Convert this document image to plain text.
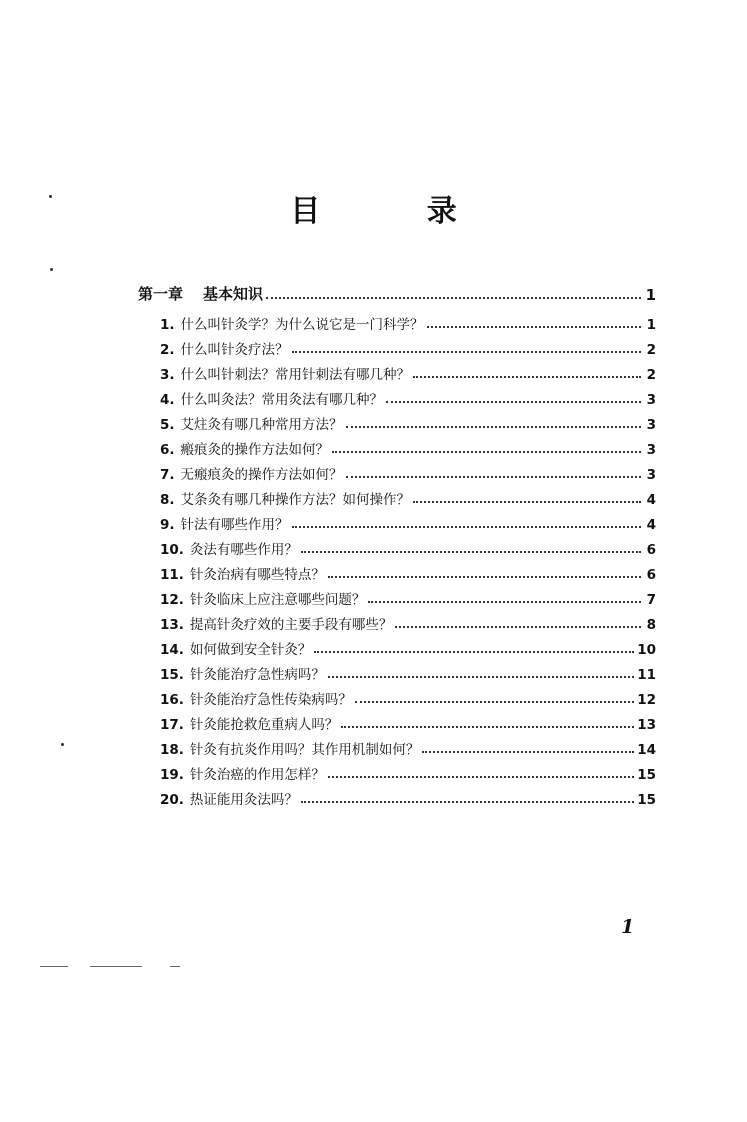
目 录
第一章 基本知识	1
1. 什么叫针灸学？为什么说它是一门科学？	1
2. 什么叫针灸疗法？	2
3. 什么叫针刺法？常用针刺法有哪几种？	2
4. 什么叫灸法？常用灸法有哪几种？	3
5. 艾炷灸有哪几种常用方法？	3
6. 瘢痕灸的操作方法如何？	3
7. 无瘢痕灸的操作方法如何？	3
8. 艾条灸有哪几种操作方法？如何操作？	4
9. 针法有哪些作用？	4
10. 灸法有哪些作用？	6
11. 针灸治病有哪些特点？	6
12. 针灸临床上应注意哪些问题？	7
13. 提高针灸疗效的主要手段有哪些？	8
14. 如何做到安全针灸？	10
15. 针灸能治疗急性病吗？	11
16. 针灸能治疗急性传染病吗？	12
17. 针灸能抢救危重病人吗？	13
18. 针灸有抗炎作用吗？其作用机制如何？	14
19. 针灸治癌的作用怎样？	15
20. 热证能用灸法吗？	15
1
